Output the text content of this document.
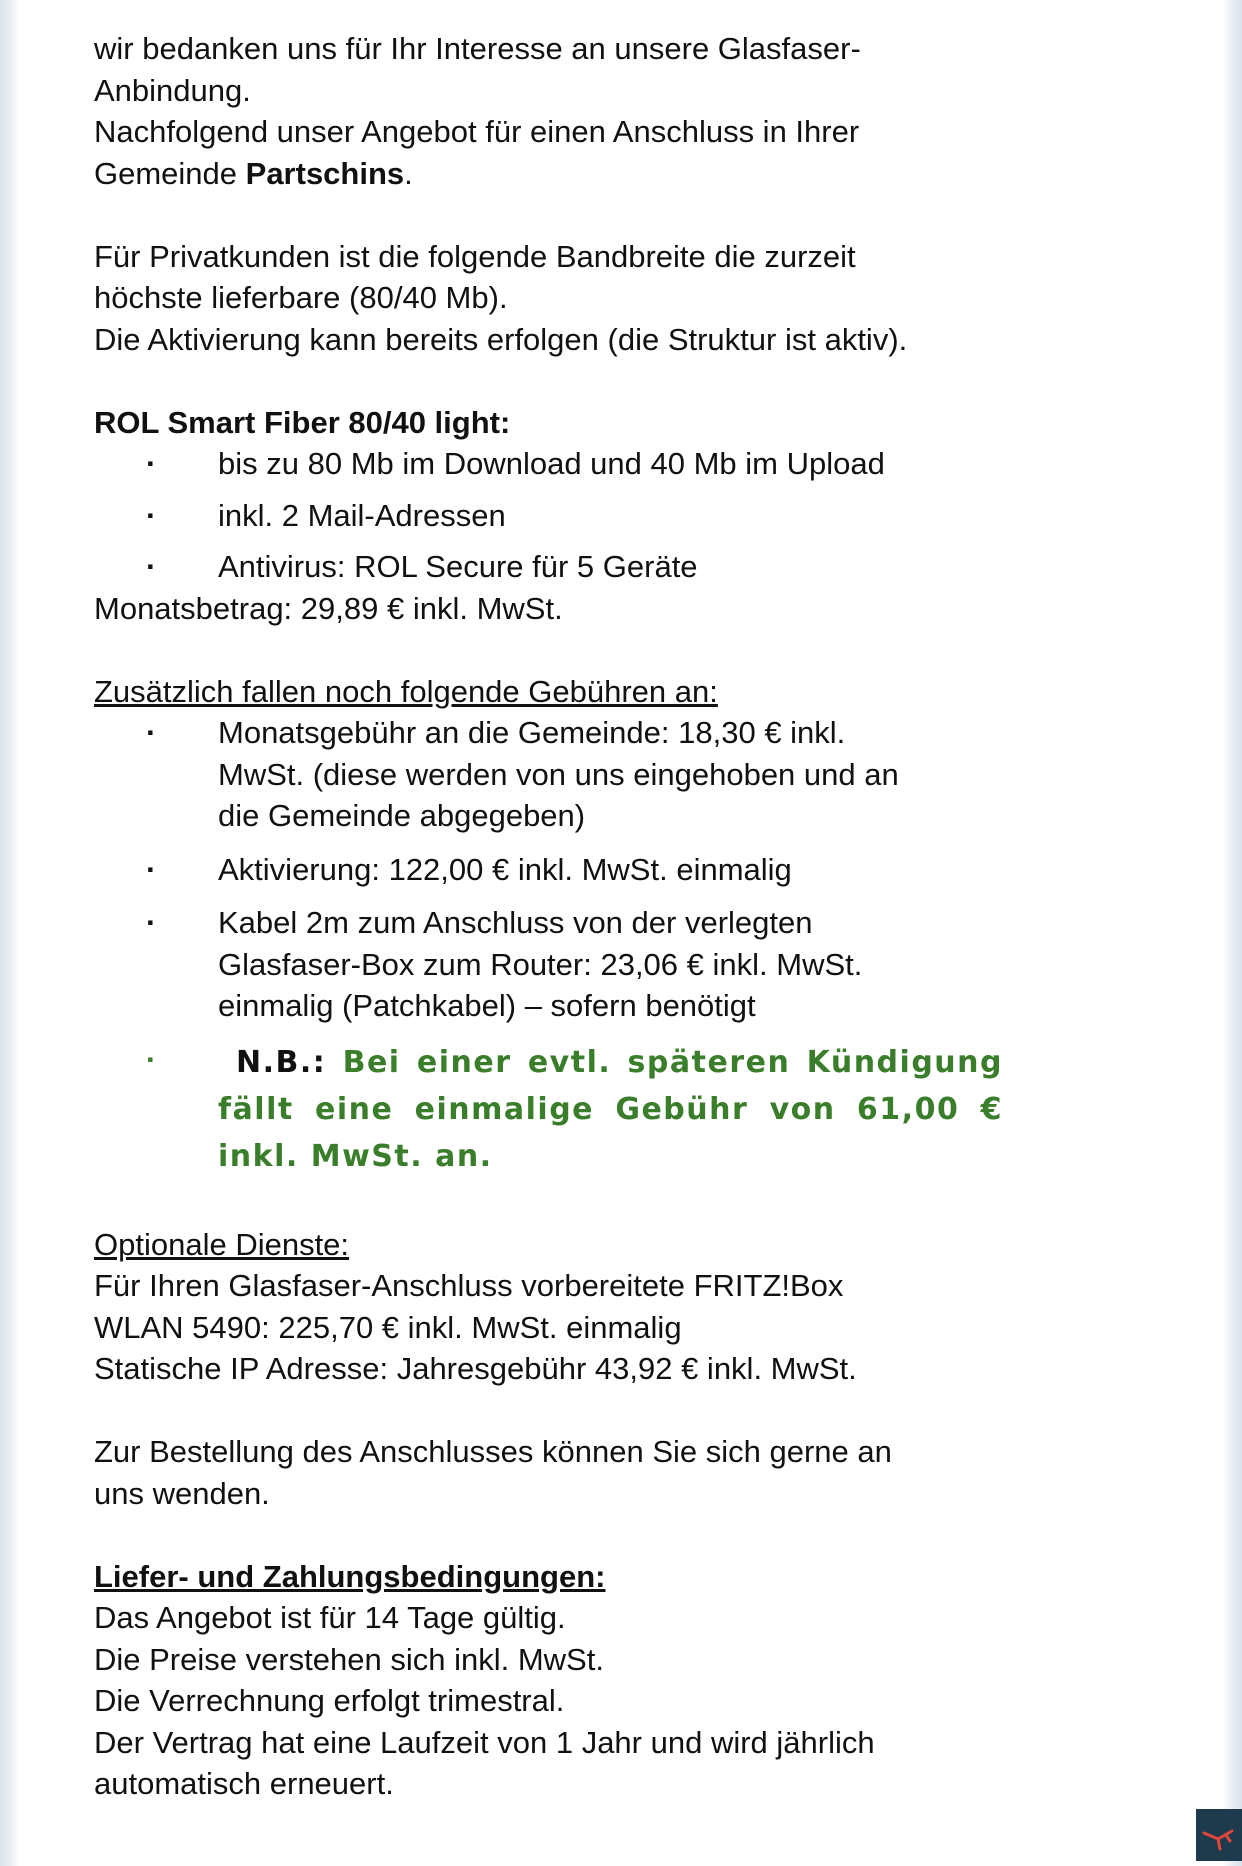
wir bedanken uns für Ihr Interesse an unsere Glasfaser-

Anbindung.

Nachfolgend unser Angebot für einen Anschluss in Ihrer

Gemeinde Partschins.

Für Privatkunden ist die folgende Bandbreite die zurzeit

höchste lieferbare (80/40 Mb).

Die Aktivierung kann bereits erfolgen (die Struktur ist aktiv).

ROL Smart Fiber 80/40 light:

· bis zu 80 Mb im Download und 40 Mb im Upload
· inkl. 2 Mail-Adressen
· Antivirus: ROL Secure für 5 Geräte

Monatsbetrag: 29,89 € inkl. MwSt.

Zusätzlich fallen noch folgende Gebühren an:

· Monatsgebühr an die Gemeinde: 18,30 € inkl.
MwSt. (diese werden von uns eingehoben und an
die Gemeinde abgegeben)
· Aktivierung: 122,00 € inkl. MwSt. einmalig
· Kabel 2m zum Anschluss von der verlegten
Glasfaser-Box zum Router: 23,06 € inkl. MwSt.
einmalig (Patchkabel) – sofern benötigt
· N.B.: Bei einer evtl. späteren Kündigung fällt eine einmalige Gebühr von 61,00 € inkl. MwSt. an.

Optionale Dienste:

Für Ihren Glasfaser-Anschluss vorbereitete FRITZ!Box

WLAN 5490: 225,70 € inkl. MwSt. einmalig

Statische IP Adresse: Jahresgebühr 43,92 € inkl. MwSt.

Zur Bestellung des Anschlusses können Sie sich gerne an

uns wenden.

Liefer- und Zahlungsbedingungen:

Das Angebot ist für 14 Tage gültig.

Die Preise verstehen sich inkl. MwSt.

Die Verrechnung erfolgt trimestral.

Der Vertrag hat eine Laufzeit von 1 Jahr und wird jährlich

automatisch erneuert.
